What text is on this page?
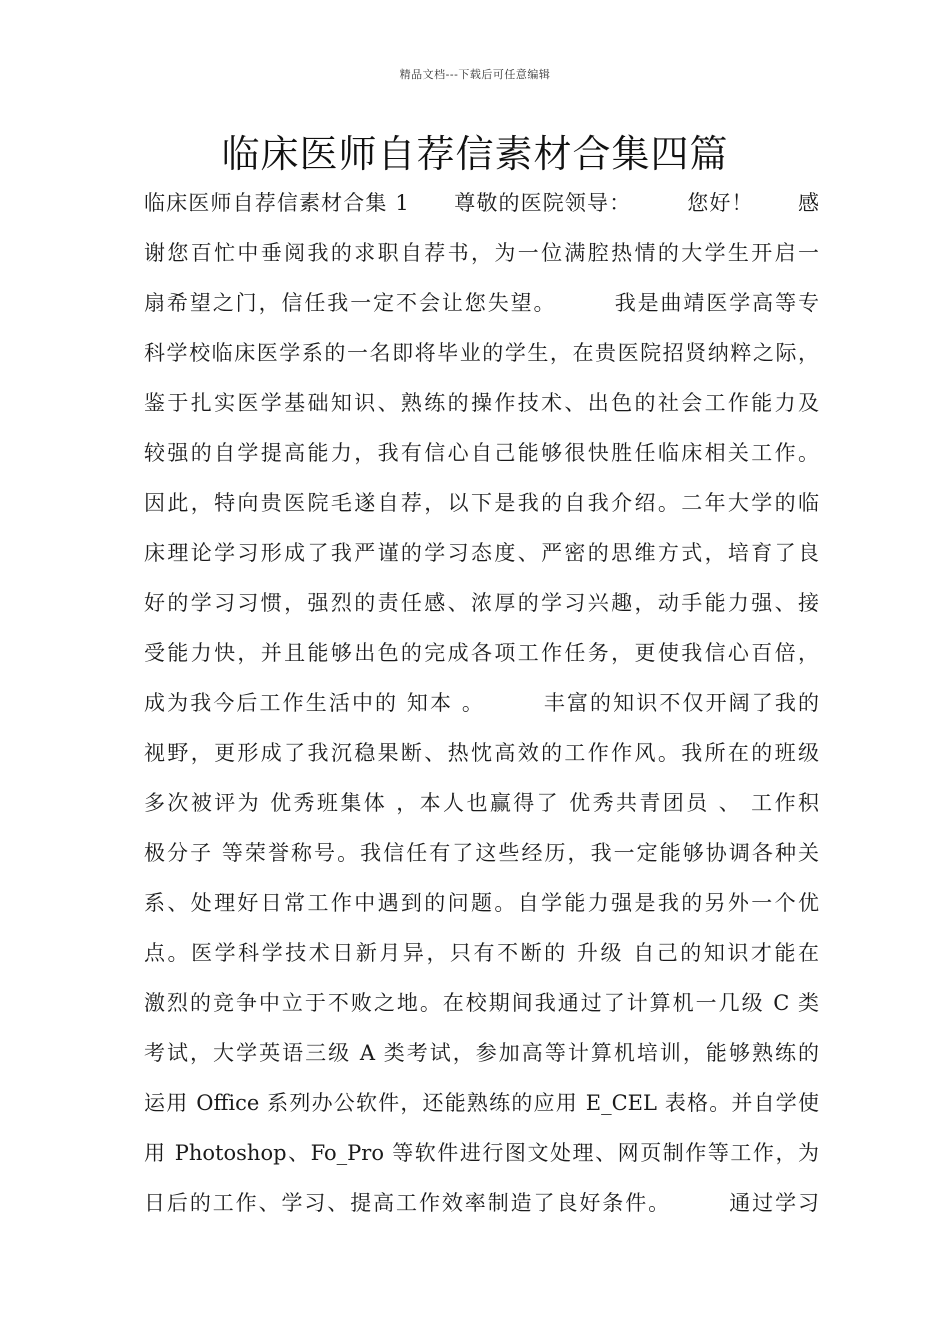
精品文档---下载后可任意编辑
临床医师自荐信素材合集四篇
临床医师自荐信素材合集 1　　尊敬的医院领导：　　　您好！　　感
谢您百忙中垂阅我的求职自荐书，为一位满腔热情的大学生开启一
扇希望之门，信任我一定不会让您失望。　　　我是曲靖医学高等专
科学校临床医学系的一名即将毕业的学生，在贵医院招贤纳粹之际，
鉴于扎实医学基础知识、熟练的操作技术、出色的社会工作能力及
较强的自学提高能力，我有信心自己能够很快胜任临床相关工作。
因此，特向贵医院毛遂自荐，以下是我的自我介绍。二年大学的临
床理论学习形成了我严谨的学习态度、严密的思维方式，培育了良
好的学习习惯，强烈的责任感、浓厚的学习兴趣，动手能力强、接
受能力快，并且能够出色的完成各项工作任务，更使我信心百倍，
成为我今后工作生活中的 知本 。　　　丰富的知识不仅开阔了我的
视野，更形成了我沉稳果断、热忱高效的工作作风。我所在的班级
多次被评为 优秀班集体 ，本人也赢得了 优秀共青团员 、 工作积
极分子 等荣誉称号。我信任有了这些经历，我一定能够协调各种关
系、处理好日常工作中遇到的问题。自学能力强是我的另外一个优
点。医学科学技术日新月异，只有不断的 升级 自己的知识才能在
激烈的竞争中立于不败之地。在校期间我通过了计算机一几级 C 类
考试，大学英语三级 A 类考试，参加高等计算机培训，能够熟练的
运用 Office 系列办公软件，还能熟练的应用 E_CEL 表格。并自学使
用 Photoshop、Fo_Pro 等软件进行图文处理、网页制作等工作，为
日后的工作、学习、提高工作效率制造了良好条件。　　　通过学习
